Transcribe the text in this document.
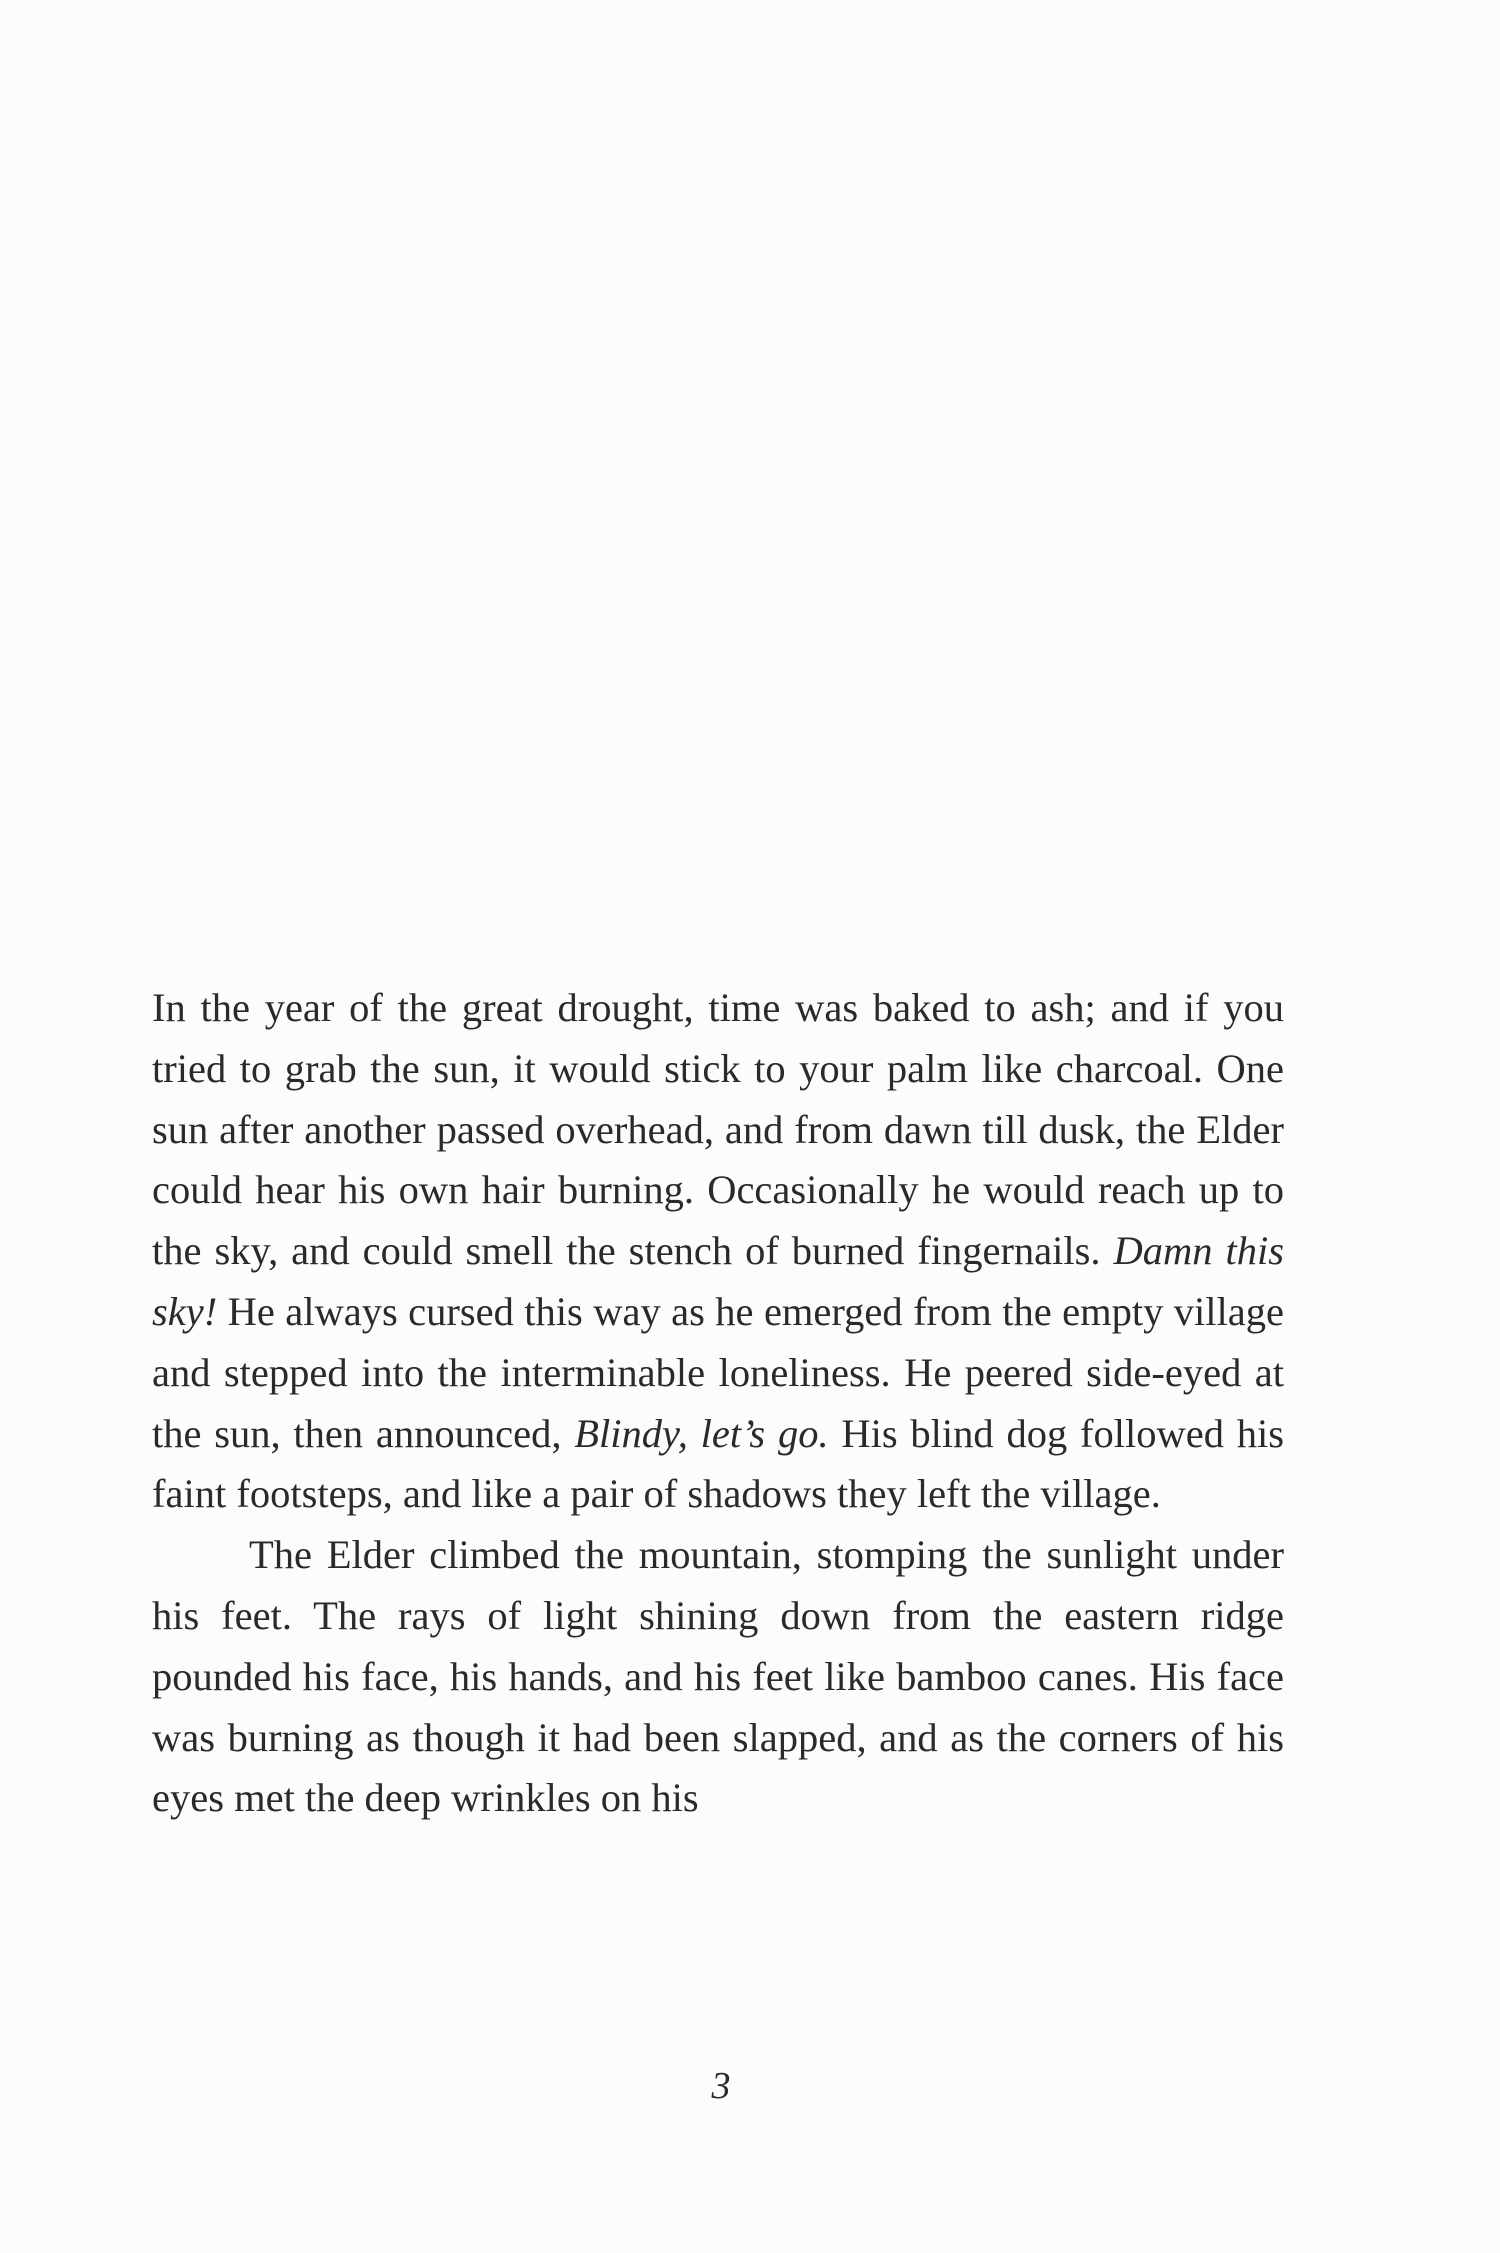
In the year of the great drought, time was baked to ash; and if you tried to grab the sun, it would stick to your palm like charcoal. One sun after another passed overhead, and from dawn till dusk, the Elder could hear his own hair burning. Occasionally he would reach up to the sky, and could smell the stench of burned fingernails. Damn this sky! He always cursed this way as he emerged from the empty village and stepped into the interminable loneliness. He peered side-eyed at the sun, then announced, Blindy, let’s go. His blind dog followed his faint footsteps, and like a pair of shadows they left the village.

The Elder climbed the mountain, stomping the sunlight under his feet. The rays of light shining down from the eastern ridge pounded his face, his hands, and his feet like bamboo canes. His face was burning as though it had been slapped, and as the corners of his eyes met the deep wrinkles on his

3
